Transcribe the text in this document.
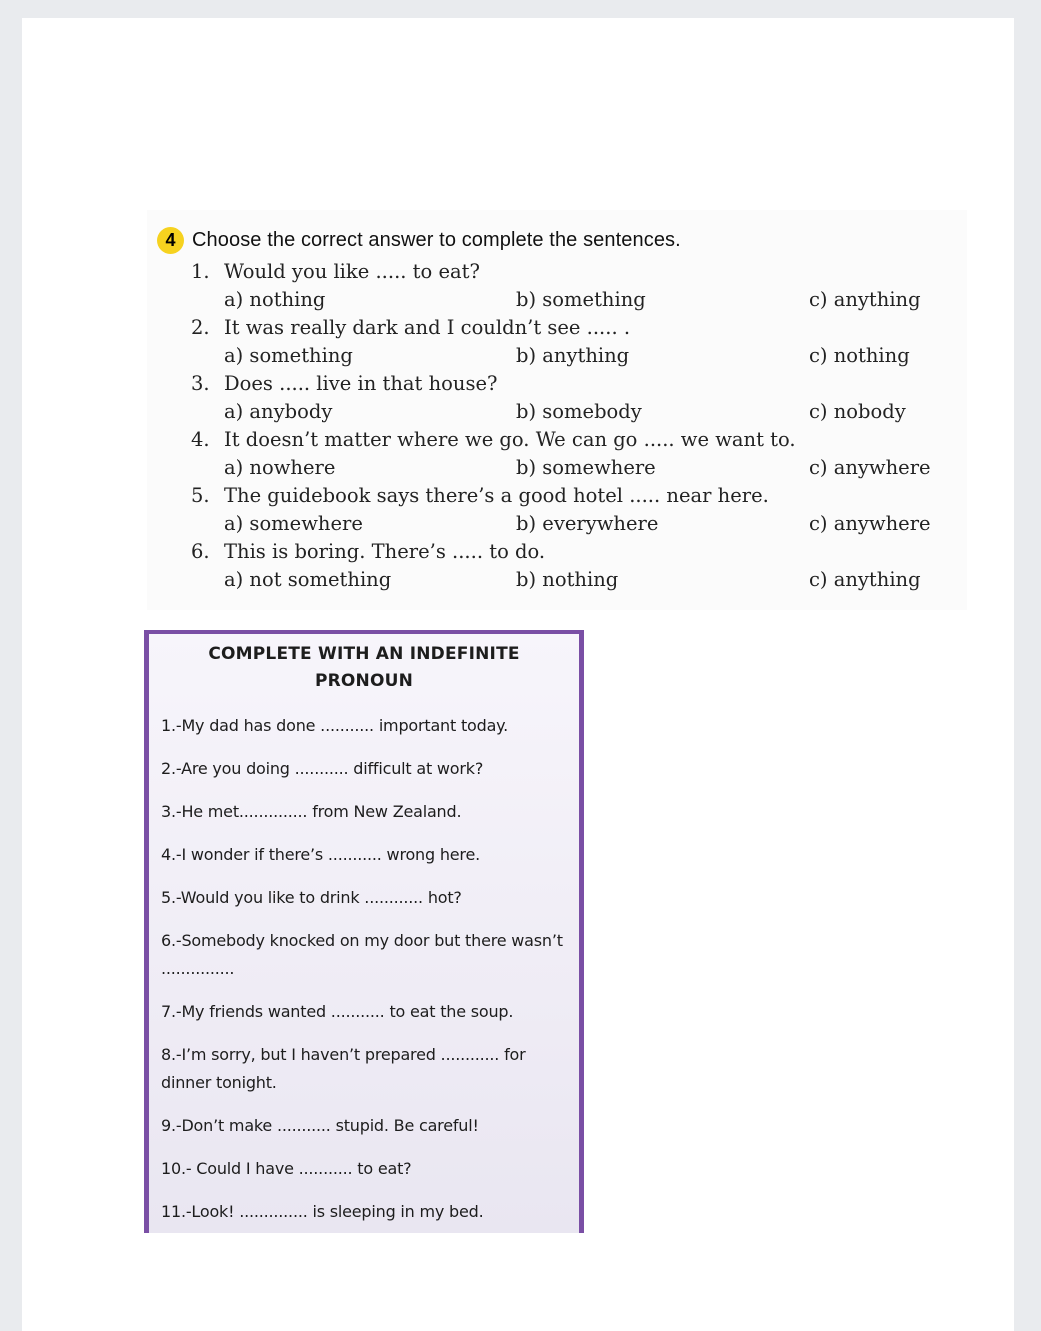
4 Choose the correct answer to complete the sentences.
1. Would you like ..... to eat?
a) nothing	b) something	c) anything
2. It was really dark and I couldn’t see ..... .
a) something	b) anything	c) nothing
3. Does ..... live in that house?
a) anybody	b) somebody	c) nobody
4. It doesn’t matter where we go. We can go ..... we want to.
a) nowhere	b) somewhere	c) anywhere
5. The guidebook says there’s a good hotel ..... near here.
a) somewhere	b) everywhere	c) anywhere
6. This is boring. There’s ..... to do.
a) not something	b) nothing	c) anything
COMPLETE WITH AN INDEFINITE
PRONOUN
1.-My dad has done ........... important today.
2.-Are you doing ........... difficult at work?
3.-He met.............. from New Zealand.
4.-I wonder if there’s ........... wrong here.
5.-Would you like to drink ............ hot?
6.-Somebody knocked on my door but there wasn’t ...............
7.-My friends wanted ........... to eat the soup.
8.-I’m sorry, but I haven’t prepared ............ for dinner tonight.
9.-Don’t make ........... stupid. Be careful!
10.- Could I have ........... to eat?
11.-Look! .............. is sleeping in my bed.
